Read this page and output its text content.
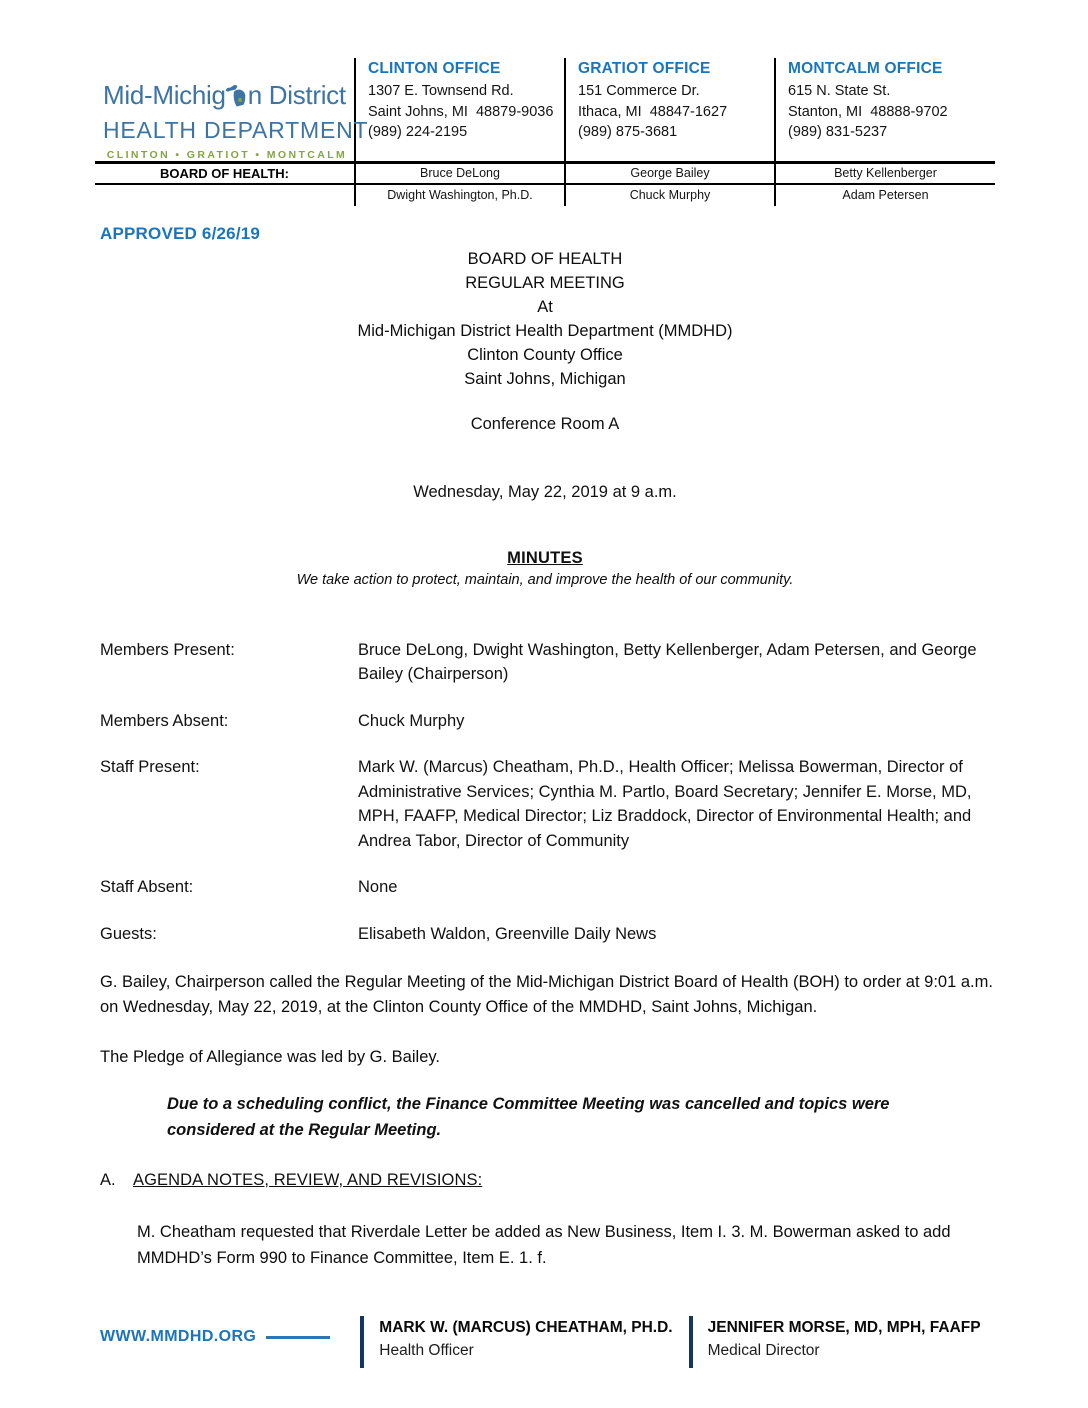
Mid-Michig n District
HEALTH DEPARTMENT
CLINTON • GRATIOT • MONTCALM

CLINTON OFFICE
1307 E. Townsend Rd.
Saint Johns, MI  48879-9036
(989) 224-2195

GRATIOT OFFICE
151 Commerce Dr.
Ithaca, MI  48847-1627
(989) 875-3681

MONTCALM OFFICE
615 N. State St.
Stanton, MI  48888-9702
(989) 831-5237

BOARD OF HEALTH:	Bruce DeLong	George Bailey	Betty Kellenberger
	Dwight Washington, Ph.D.	Chuck Murphy	Adam Petersen
APPROVED 6/26/19
BOARD OF HEALTH
REGULAR MEETING
At
Mid-Michigan District Health Department (MMDHD)
Clinton County Office
Saint Johns, Michigan
Conference Room A
Wednesday, May 22, 2019 at 9 a.m.
MINUTES
We take action to protect, maintain, and improve the health of our community.
Members Present:	Bruce DeLong, Dwight Washington, Betty Kellenberger, Adam Petersen, and George Bailey (Chairperson)
Members Absent:	Chuck Murphy
Staff Present:	Mark W. (Marcus) Cheatham, Ph.D., Health Officer; Melissa Bowerman, Director of Administrative Services; Cynthia M. Partlo, Board Secretary; Jennifer E. Morse, MD, MPH, FAAFP, Medical Director; Liz Braddock, Director of Environmental Health; and Andrea Tabor, Director of Community
Staff Absent:	None
Guests:	Elisabeth Waldon, Greenville Daily News
G. Bailey, Chairperson called the Regular Meeting of the Mid-Michigan District Board of Health (BOH) to order at 9:01 a.m. on Wednesday, May 22, 2019, at the Clinton County Office of the MMDHD, Saint Johns, Michigan.
The Pledge of Allegiance was led by G. Bailey.
Due to a scheduling conflict, the Finance Committee Meeting was cancelled and topics were considered at the Regular Meeting.
A.	AGENDA NOTES, REVIEW, AND REVISIONS:
M. Cheatham requested that Riverdale Letter be added as New Business, Item I. 3. M. Bowerman asked to add MMDHD’s Form 990 to Finance Committee, Item E. 1. f.
WWW.MMDHD.ORG
MARK W. (MARCUS) CHEATHAM, PH.D.
Health Officer
JENNIFER MORSE, MD, MPH, FAAFP
Medical Director
